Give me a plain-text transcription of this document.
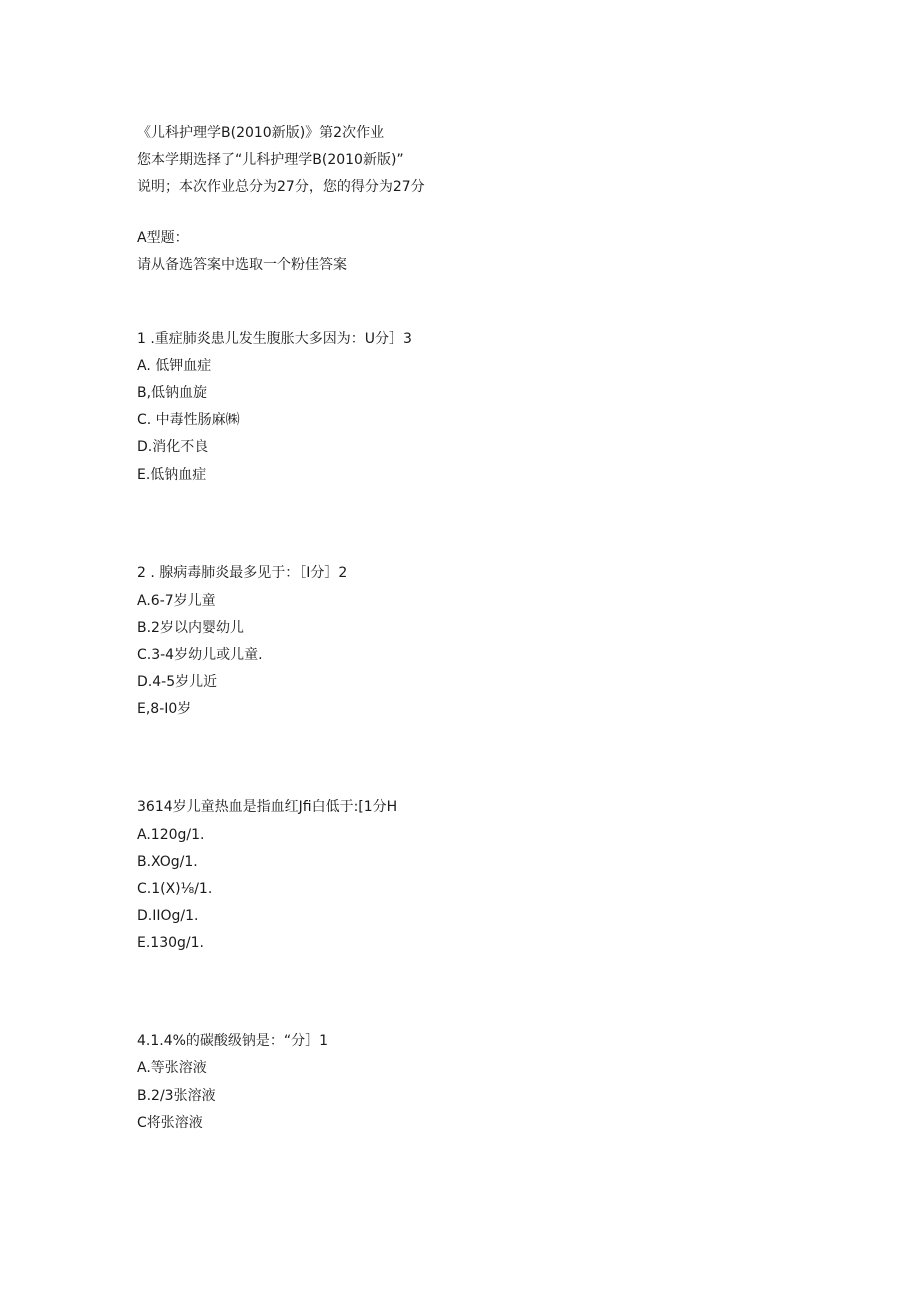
《儿科护理学B(2010新版)》第2次作业
您本学期选择了“儿科护理学B(2010新版)”
说明；本次作业总分为27分，您的得分为27分
A型题：
请从备选答案中选取一个粉佳答案
1 .重症肺炎患儿发生腹胀大多因为：U分］3
A. 低钾血症
B,低钠血旋
C. 中毒性肠麻㈱
D.消化不良
E.低钠血症
2 . 腺病毒肺炎最多见于：［I分］2
A.6-7岁儿童
B.2岁以内婴幼儿
C.3-4岁幼儿或儿童.
D.4-5岁儿近
E,8-I0岁
3614岁儿童热血是指血红Jfi白低于:[1分H
A.120g/1.
B.XOg/1.
C.1(X)⅛/1.
D.IIOg/1.
E.130g/1.
4.1.4%的碳酸级钠是：“分］1
A.等张溶液
B.2/3张溶液
C将张溶液
